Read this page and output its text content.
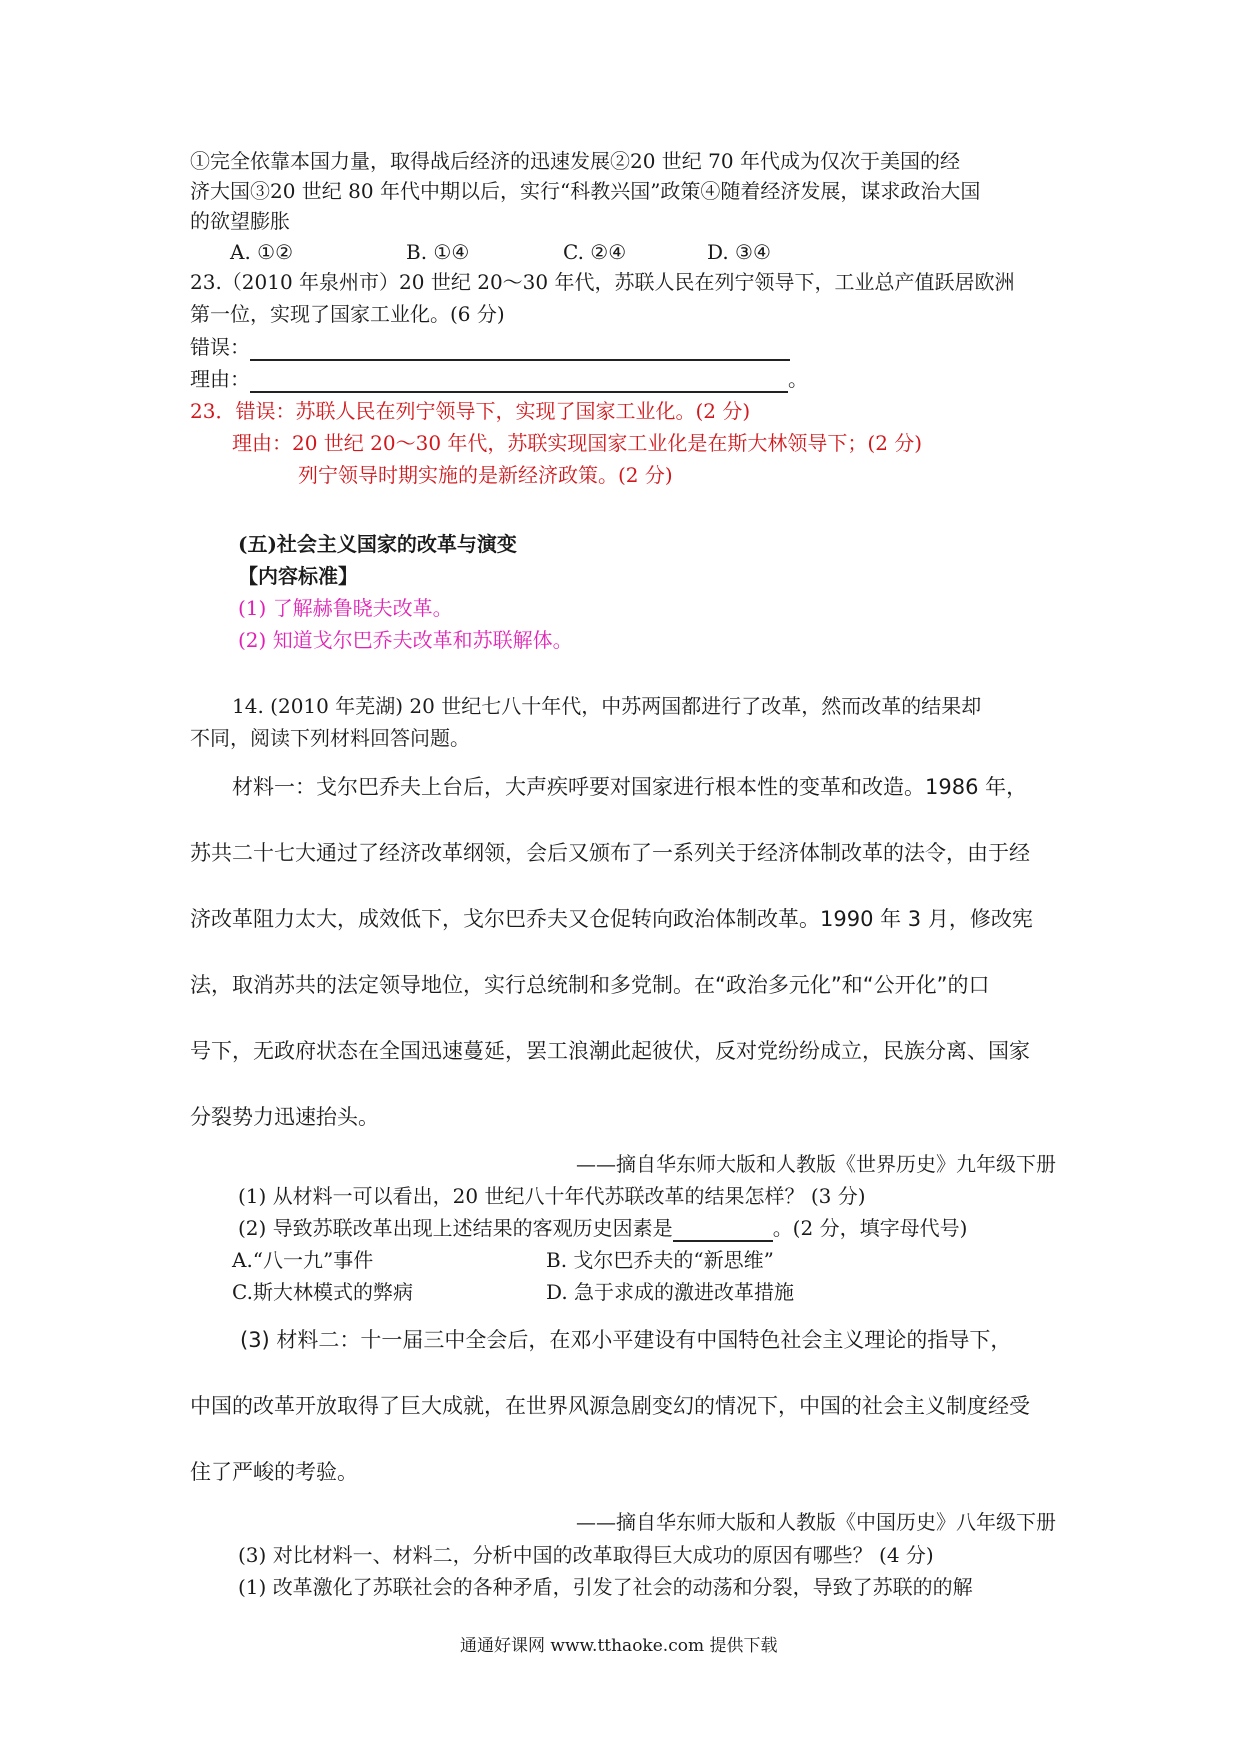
①完全依靠本国力量，取得战后经济的迅速发展②20 世纪 70 年代成为仅次于美国的经
济大国③20 世纪 80 年代中期以后，实行“科教兴国”政策④随着经济发展，谋求政治大国
的欲望膨胀
A. ①②	B. ①④	C. ②④	D. ③④
23.（2010 年泉州市）20 世纪 20～30 年代，苏联人民在列宁领导下，工业总产值跃居欧洲
第一位，实现了国家工业化。(6 分)
错误：
理由：	。
23．错误：苏联人民在列宁领导下，实现了国家工业化。(2 分)
理由：20 世纪 20～30 年代，苏联实现国家工业化是在斯大林领导下；(2 分)
列宁领导时期实施的是新经济政策。(2 分)
(五)社会主义国家的改革与演变
【内容标准】
(1) 了解赫鲁晓夫改革。
(2) 知道戈尔巴乔夫改革和苏联解体。
14. (2010 年芜湖) 20 世纪七八十年代，中苏两国都进行了改革，然而改革的结果却
不同，阅读下列材料回答问题。
材料一：戈尔巴乔夫上台后，大声疾呼要对国家进行根本性的变革和改造。1986 年，
苏共二十七大通过了经济改革纲领，会后又颁布了一系列关于经济体制改革的法令，由于经
济改革阻力太大，成效低下，戈尔巴乔夫又仓促转向政治体制改革。1990 年 3 月，修改宪
法，取消苏共的法定领导地位，实行总统制和多党制。在“政治多元化”和“公开化”的口
号下，无政府状态在全国迅速蔓延，罢工浪潮此起彼伏，反对党纷纷成立，民族分离、国家
分裂势力迅速抬头。
——摘自华东师大版和人教版《世界历史》九年级下册
(1) 从材料一可以看出，20 世纪八十年代苏联改革的结果怎样？ (3 分)
(2) 导致苏联改革出现上述结果的客观历史因素是	。(2 分，填字母代号)
A.“八一九”事件	B. 戈尔巴乔夫的“新思维”
C.斯大林模式的弊病	D. 急于求成的激进改革措施
(3) 材料二：十一届三中全会后，在邓小平建设有中国特色社会主义理论的指导下，
中国的改革开放取得了巨大成就，在世界风源急剧变幻的情况下，中国的社会主义制度经受
住了严峻的考验。
——摘自华东师大版和人教版《中国历史》八年级下册
(3) 对比材料一、材料二，分析中国的改革取得巨大成功的原因有哪些？ (4 分)
(1) 改革激化了苏联社会的各种矛盾，引发了社会的动荡和分裂，导致了苏联的的解
通通好课网 www.tthaoke.com 提供下载
